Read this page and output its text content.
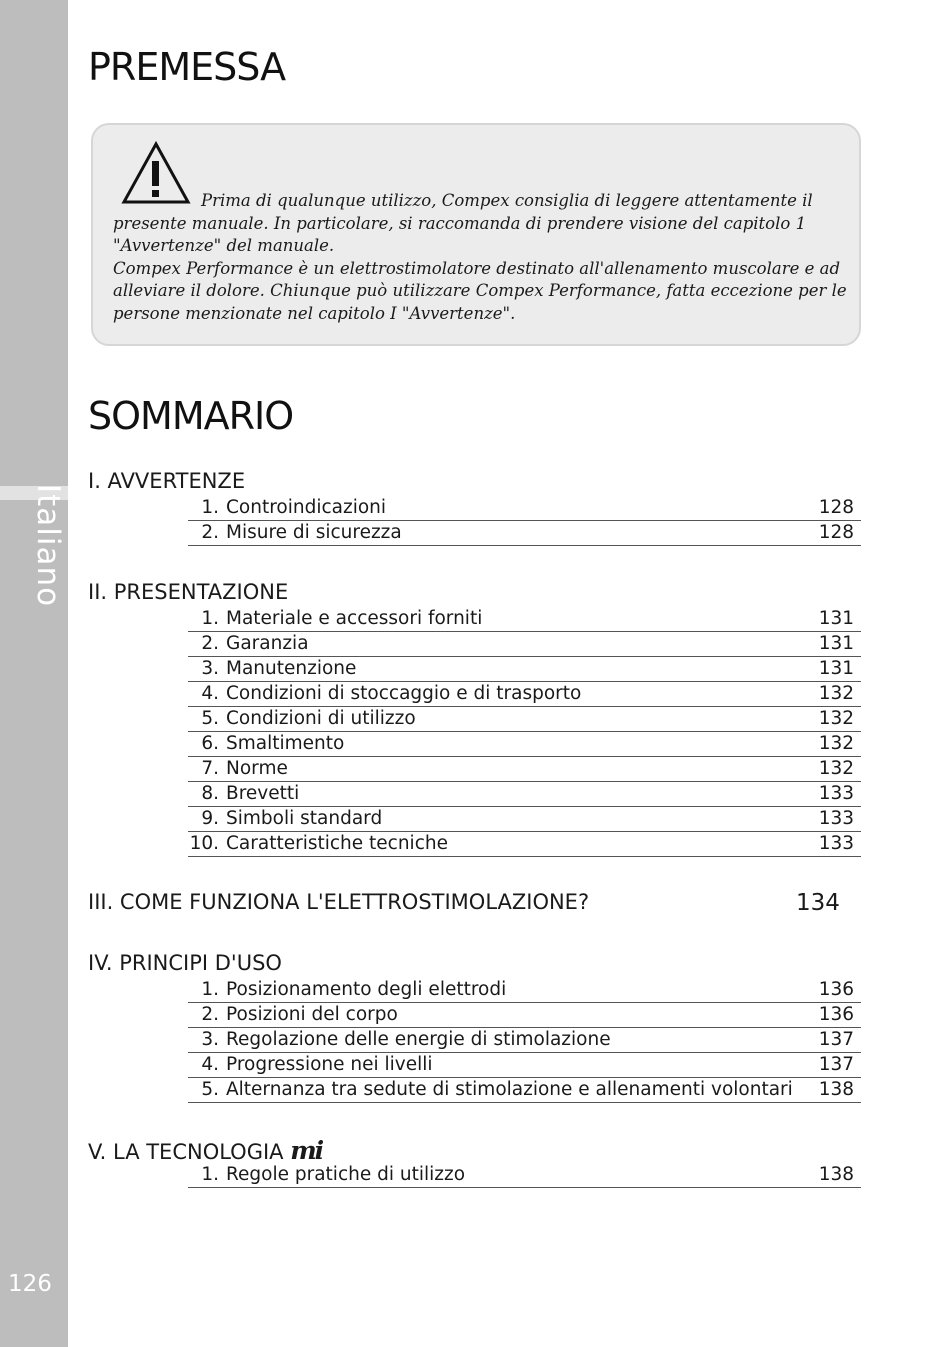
Italiano
126
PREMESSA
Prima di qualunque utilizzo, Compex consiglia di leggere attentamente il presente manuale. In particolare, si raccomanda di prendere visione del capitolo 1 "Avvertenze" del manuale.
Compex Performance è un elettrostimolatore destinato all'allenamento muscolare e ad alleviare il dolore. Chiunque può utilizzare Compex Performance, fatta eccezione per le persone menzionate nel capitolo I "Avvertenze".
SOMMARIO
I. AVVERTENZE
1. Controindicazioni	128
2. Misure di sicurezza	128
II. PRESENTAZIONE
1. Materiale e accessori forniti	131
2. Garanzia	131
3. Manutenzione	131
4. Condizioni di stoccaggio e di trasporto	132
5. Condizioni di utilizzo	132
6. Smaltimento	132
7. Norme	132
8. Brevetti	133
9. Simboli standard	133
10. Caratteristiche tecniche	133
III. COME FUNZIONA L'ELETTROSTIMOLAZIONE?	134
IV. PRINCIPI D'USO
1. Posizionamento degli elettrodi	136
2. Posizioni del corpo	136
3. Regolazione delle energie di stimolazione	137
4. Progressione nei livelli	137
5. Alternanza tra sedute di stimolazione e allenamenti volontari 138
V. LA TECNOLOGIA mi
1. Regole pratiche di utilizzo	138
